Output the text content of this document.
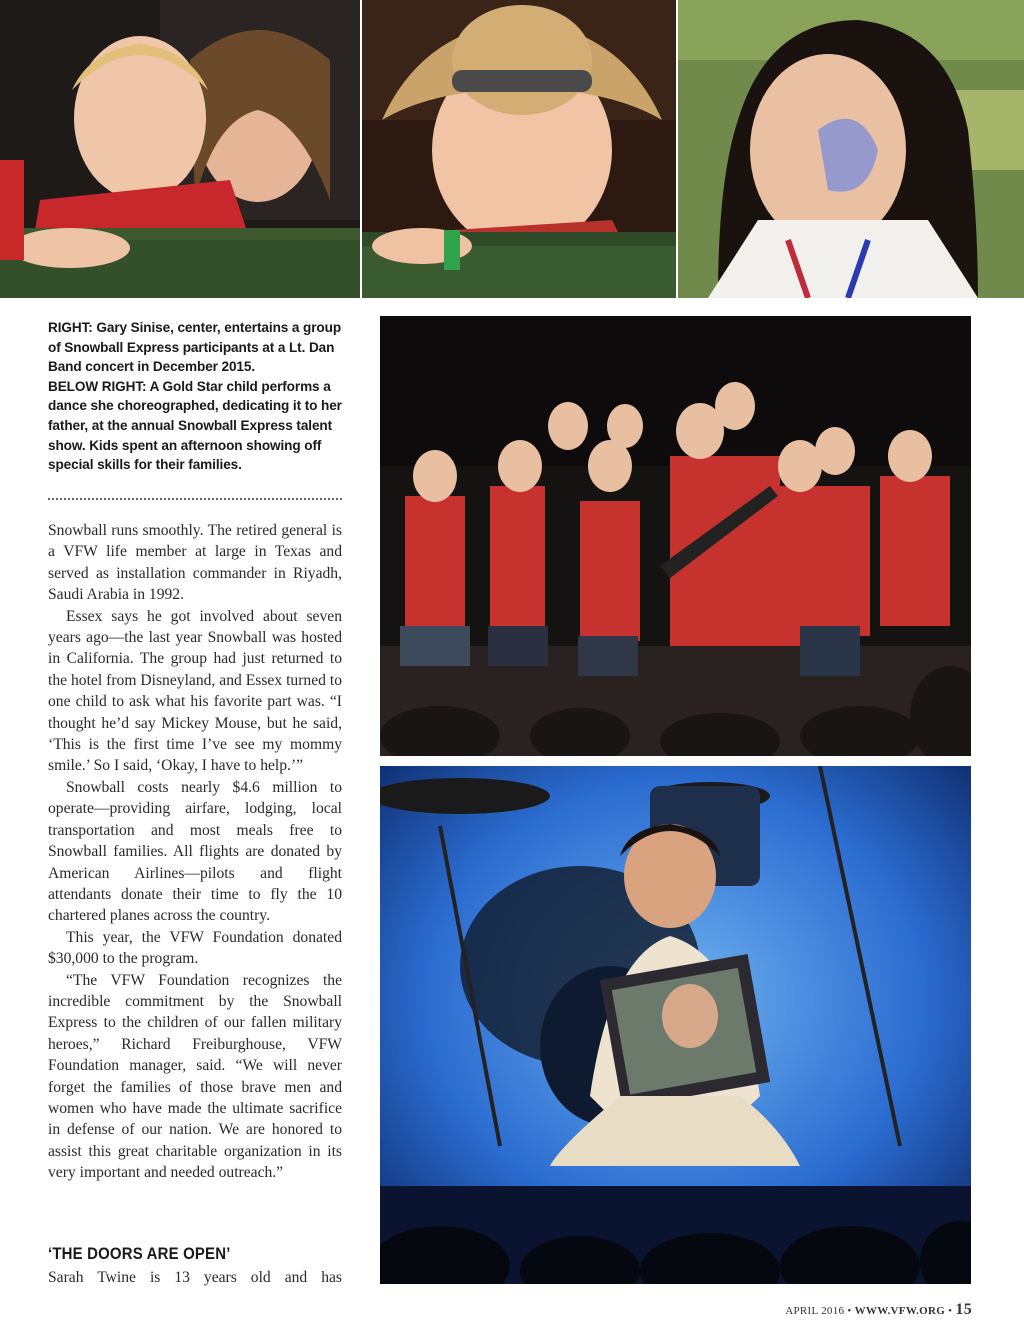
RIGHT: Gary Sinise, center, entertains a group of Snowball Express participants at a Lt. Dan Band concert in December 2015.
BELOW RIGHT: A Gold Star child performs a dance she choreographed, dedicating it to her father, at the annual Snowball Express talent show. Kids spent an afternoon showing off special skills for their families.

Snowball runs smoothly. The retired general is a VFW life member at large in Texas and served as installation commander in Riyadh, Saudi Arabia in 1992.

Essex says he got involved about seven years ago—the last year Snowball was hosted in California. The group had just returned to the hotel from Disneyland, and Essex turned to one child to ask what his favorite part was. “I thought he’d say Mickey Mouse, but he said, ‘This is the first time I’ve see my mommy smile.’ So I said, ‘Okay, I have to help.’”

Snowball costs nearly $4.6 million to operate—providing airfare, lodging, local transportation and most meals free to Snowball families. All flights are donated by American Airlines—pilots and flight attendants donate their time to fly the 10 chartered planes across the country.

This year, the VFW Foundation donated $30,000 to the program.

“The VFW Foundation recognizes the incredible commitment by the Snowball Express to the children of our fallen military heroes,” Richard Freiburghouse, VFW Foundation manager, said. “We will never forget the families of those brave men and women who have made the ultimate sacrifice in defense of our nation. We are honored to assist this great charitable organization in its very important and needed outreach.”

‘THE DOORS ARE OPEN’
Sarah Twine is 13 years old and has
APRIL 2016 • WWW.VFW.ORG • 15
